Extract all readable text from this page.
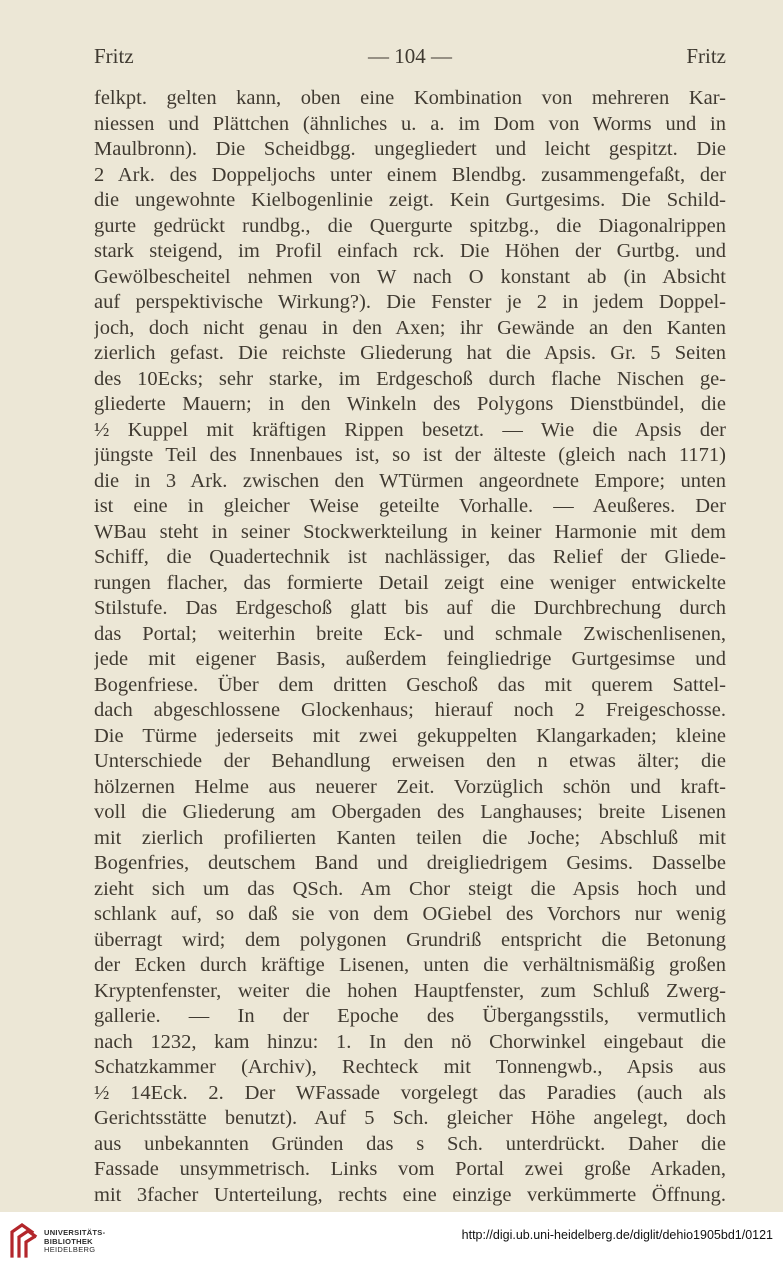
Fritz	— 104 —	Fritz
felkpt. gelten kann, oben eine Kombination von mehreren Kar-
niessen und Plättchen (ähnliches u. a. im Dom von Worms und in
Maulbronn). Die Scheidbgg. ungegliedert und leicht gespitzt. Die
2 Ark. des Doppeljochs unter einem Blendbg. zusammengefaßt, der
die ungewohnte Kielbogenlinie zeigt. Kein Gurtgesims. Die Schild-
gurte gedrückt rundbg., die Quergurte spitzbg., die Diagonalrippen
stark steigend, im Profil einfach rck. Die Höhen der Gurtbg. und
Gewölbescheitel nehmen von W nach O konstant ab (in Absicht
auf perspektivische Wirkung?). Die Fenster je 2 in jedem Doppel-
joch, doch nicht genau in den Axen; ihr Gewände an den Kanten
zierlich gefast. Die reichste Gliederung hat die Apsis. Gr. 5 Seiten
des 10Ecks; sehr starke, im Erdgeschoß durch flache Nischen ge-
gliederte Mauern; in den Winkeln des Polygons Dienstbündel, die
½ Kuppel mit kräftigen Rippen besetzt. — Wie die Apsis der
jüngste Teil des Innenbaues ist, so ist der älteste (gleich nach 1171)
die in 3 Ark. zwischen den WTürmen angeordnete Empore; unten
ist eine in gleicher Weise geteilte Vorhalle. — Aeußeres. Der
WBau steht in seiner Stockwerkteilung in keiner Harmonie mit dem
Schiff, die Quadertechnik ist nachlässiger, das Relief der Gliede-
rungen flacher, das formierte Detail zeigt eine weniger entwickelte
Stilstufe. Das Erdgeschoß glatt bis auf die Durchbrechung durch
das Portal; weiterhin breite Eck- und schmale Zwischenlisenen,
jede mit eigener Basis, außerdem feingliedrige Gurtgesimse und
Bogenfriese. Über dem dritten Geschoß das mit querem Sattel-
dach abgeschlossene Glockenhaus; hierauf noch 2 Freigeschosse.
Die Türme jederseits mit zwei gekuppelten Klangarkaden; kleine
Unterschiede der Behandlung erweisen den n etwas älter; die
hölzernen Helme aus neuerer Zeit. Vorzüglich schön und kraft-
voll die Gliederung am Obergaden des Langhauses; breite Lisenen
mit zierlich profilierten Kanten teilen die Joche; Abschluß mit
Bogenfries, deutschem Band und dreigliedrigem Gesims. Dasselbe
zieht sich um das QSch. Am Chor steigt die Apsis hoch und
schlank auf, so daß sie von dem OGiebel des Vorchors nur wenig
überragt wird; dem polygonen Grundriß entspricht die Betonung
der Ecken durch kräftige Lisenen, unten die verhältnismäßig großen
Kryptenfenster, weiter die hohen Hauptfenster, zum Schluß Zwerg-
gallerie. — In der Epoche des Übergangsstils, vermutlich
nach 1232, kam hinzu: 1. In den nö Chorwinkel eingebaut die
Schatzkammer (Archiv), Rechteck mit Tonnengwb., Apsis aus
½ 14Eck. 2. Der WFassade vorgelegt das Paradies (auch als
Gerichtsstätte benutzt). Auf 5 Sch. gleicher Höhe angelegt, doch
aus unbekannten Gründen das s Sch. unterdrückt. Daher die
Fassade unsymmetrisch. Links vom Portal zwei große Arkaden,
mit 3facher Unterteilung, rechts eine einzige verkümmerte Öffnung.
UNIVERSITÄTS-
BIBLIOTHEK
HEIDELBERG
http://digi.ub.uni-heidelberg.de/diglit/dehio1905bd1/0121
